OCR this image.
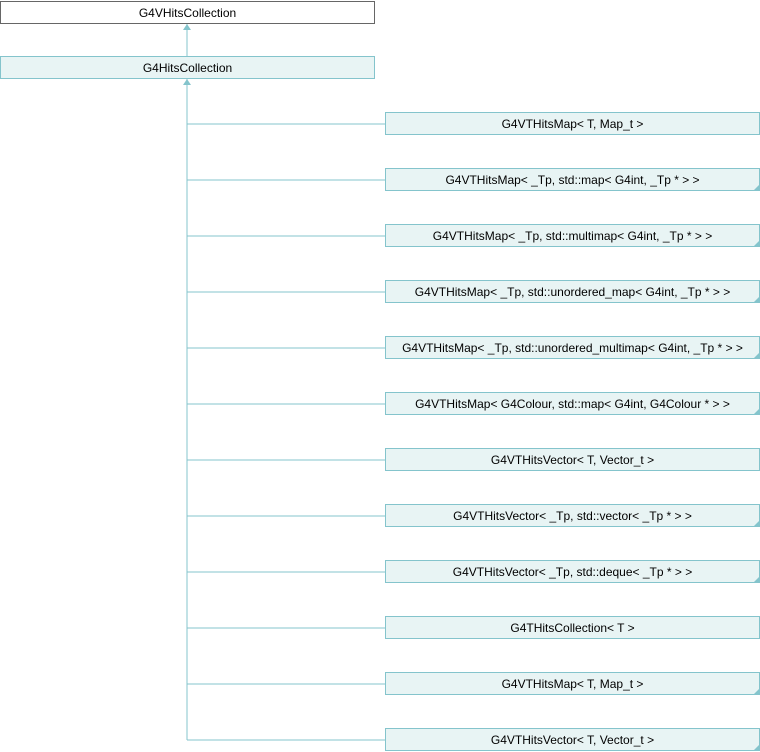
G4VHitsCollection
G4HitsCollection
G4VTHitsMap< T, Map_t >
G4VTHitsMap< _Tp, std::map< G4int, _Tp * > >
G4VTHitsMap< _Tp, std::multimap< G4int, _Tp * > >
G4VTHitsMap< _Tp, std::unordered_map< G4int, _Tp * > >
G4VTHitsMap< _Tp, std::unordered_multimap< G4int, _Tp * > >
G4VTHitsMap< G4Colour, std::map< G4int, G4Colour * > >
G4VTHitsVector< T, Vector_t >
G4VTHitsVector< _Tp, std::vector< _Tp * > >
G4VTHitsVector< _Tp, std::deque< _Tp * > >
G4THitsCollection< T >
G4VTHitsMap< T, Map_t >
G4VTHitsVector< T, Vector_t >
